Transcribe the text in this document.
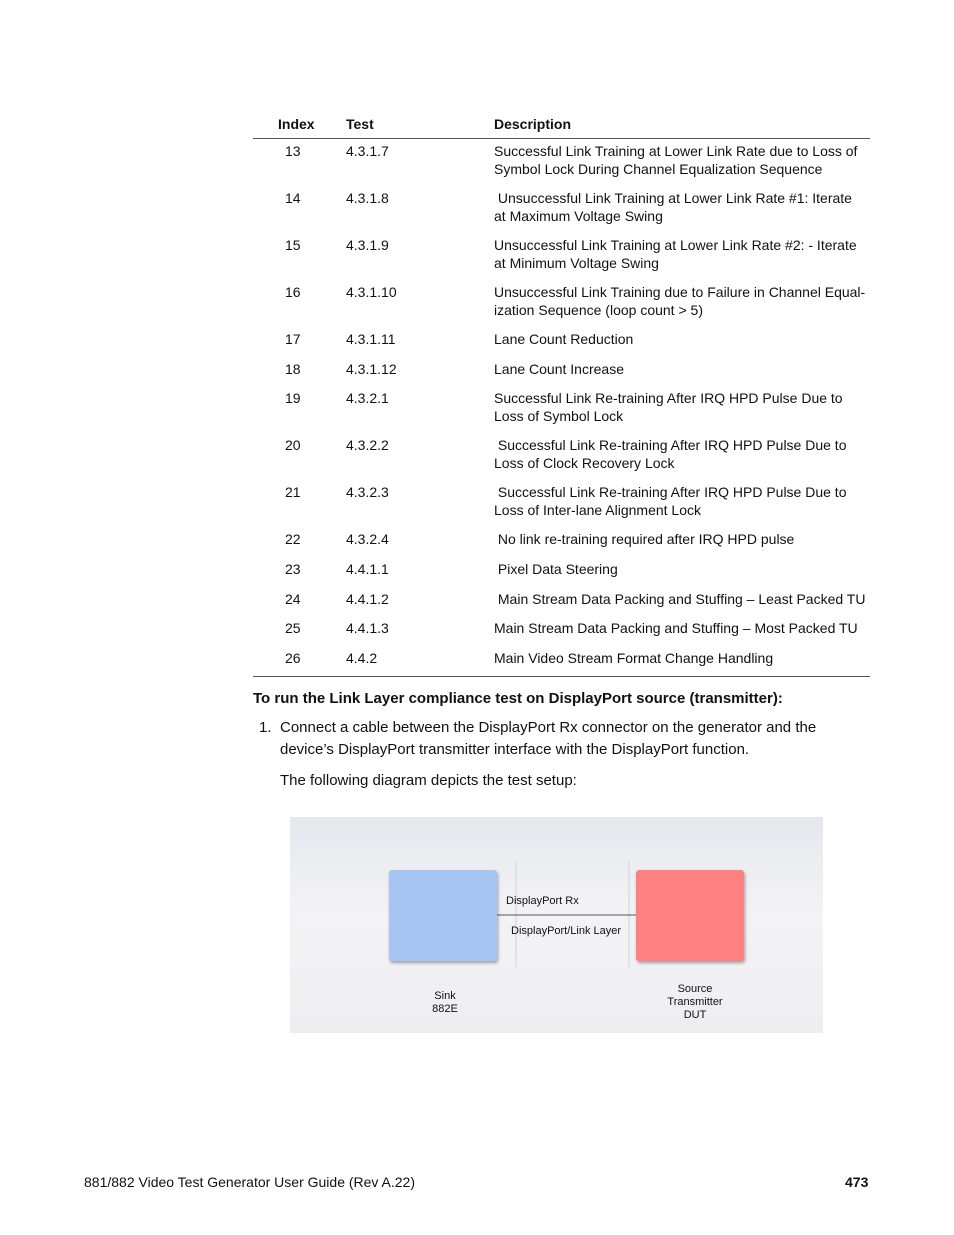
Index Test	Description
13	4.3.1.7	Successful Link Training at Lower Link Rate due to Loss of
Symbol Lock During Channel Equalization Sequence
14	4.3.1.8	Unsuccessful Link Training at Lower Link Rate #1: Iterate
at Maximum Voltage Swing
15	4.3.1.9	Unsuccessful Link Training at Lower Link Rate #2: - Iterate
at Minimum Voltage Swing
16	4.3.1.10	Unsuccessful Link Training due to Failure in Channel Equal-
ization Sequence (loop count > 5)
17	4.3.1.11	Lane Count Reduction
18	4.3.1.12	Lane Count Increase
19	4.3.2.1	Successful Link Re-training After IRQ HPD Pulse Due to
Loss of Symbol Lock
20	4.3.2.2	Successful Link Re-training After IRQ HPD Pulse Due to
Loss of Clock Recovery Lock
21	4.3.2.3	Successful Link Re-training After IRQ HPD Pulse Due to
Loss of Inter-lane Alignment Lock
22	4.3.2.4	No link re-training required after IRQ HPD pulse
23	4.4.1.1	Pixel Data Steering
24	4.4.1.2	Main Stream Data Packing and Stuffing – Least Packed TU
25	4.4.1.3	Main Stream Data Packing and Stuffing – Most Packed TU
26	4.4.2	Main Video Stream Format Change Handling
To run the Link Layer compliance test on DisplayPort source (transmitter):
1. Connect a cable between the DisplayPort Rx connector on the generator and the
device’s DisplayPort transmitter interface with the DisplayPort function.
The following diagram depicts the test setup:
DisplayPort Rx
DisplayPort/Link Layer
Sink
882E
Source
Transmitter
DUT
881/882 Video Test Generator User Guide (Rev A.22)	473
